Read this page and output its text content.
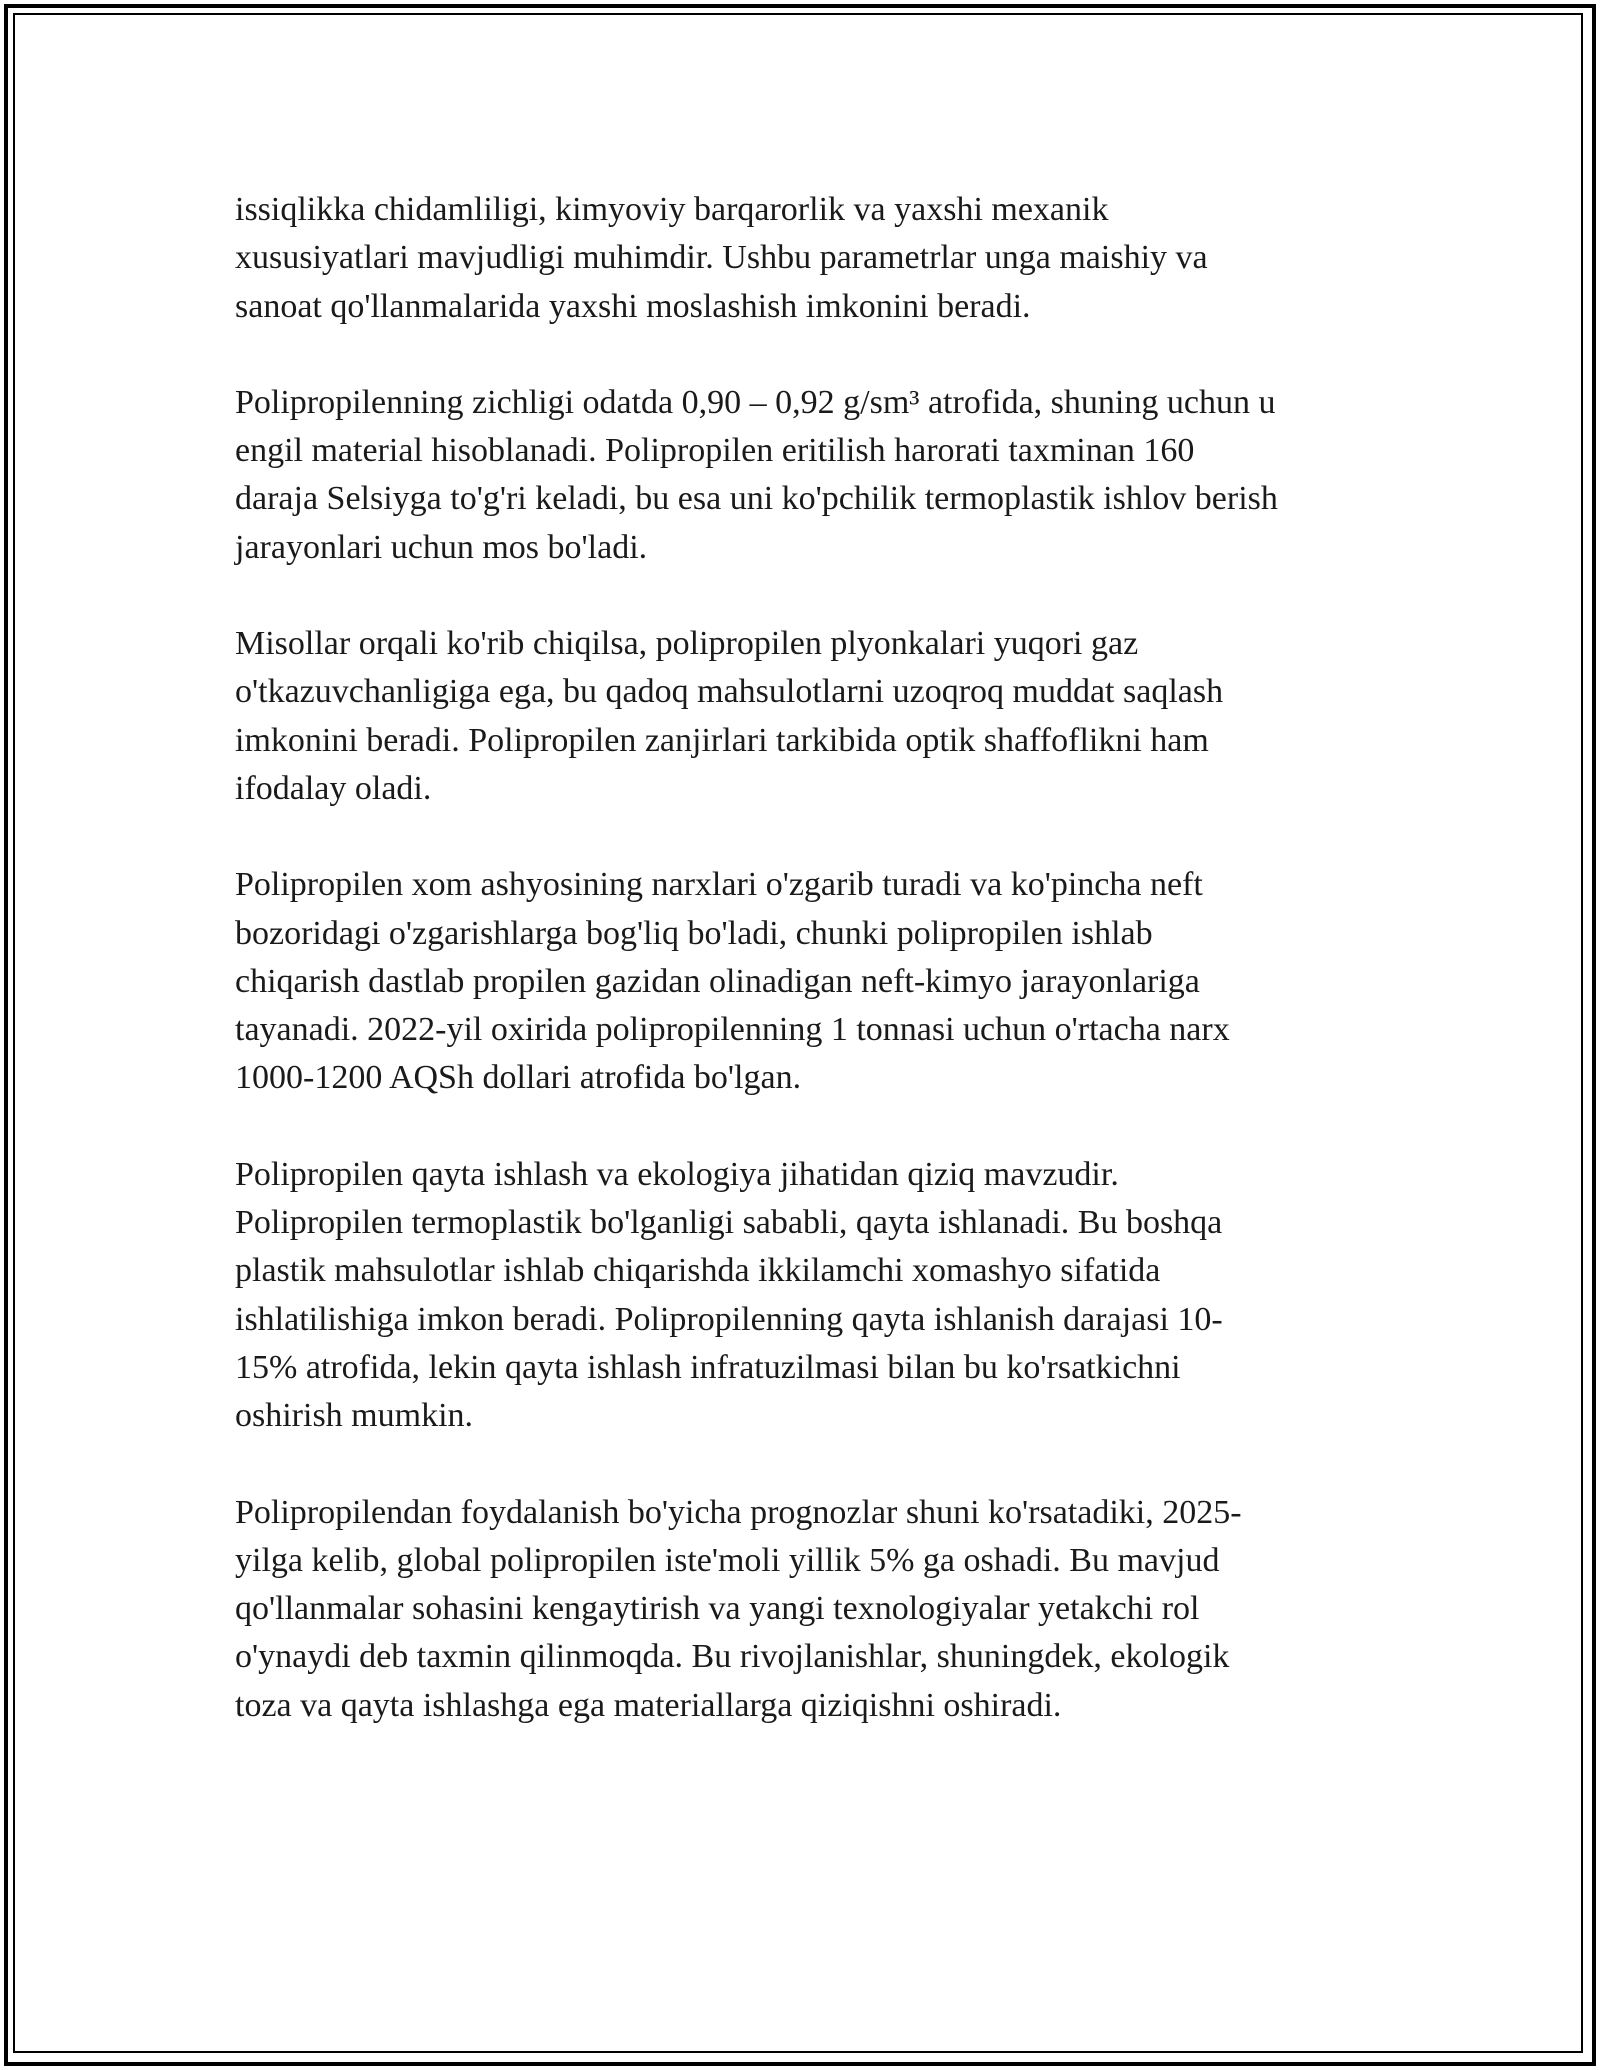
issiqlikka chidamliligi, kimyoviy barqarorlik va yaxshi mexanik
xususiyatlari mavjudligi muhimdir. Ushbu parametrlar unga maishiy va
sanoat qo'llanmalarida yaxshi moslashish imkonini beradi.

Polipropilenning zichligi odatda 0,90 – 0,92 g/sm³ atrofida, shuning uchun u
engil material hisoblanadi. Polipropilen eritilish harorati taxminan 160
daraja Selsiyga to'g'ri keladi, bu esa uni ko'pchilik termoplastik ishlov berish
jarayonlari uchun mos bo'ladi.

Misollar orqali ko'rib chiqilsa, polipropilen plyonkalari yuqori gaz
o'tkazuvchanligiga ega, bu qadoq mahsulotlarni uzoqroq muddat saqlash
imkonini beradi. Polipropilen zanjirlari tarkibida optik shaffoflikni ham
ifodalay oladi.

Polipropilen xom ashyosining narxlari o'zgarib turadi va ko'pincha neft
bozoridagi o'zgarishlarga bog'liq bo'ladi, chunki polipropilen ishlab
chiqarish dastlab propilen gazidan olinadigan neft-kimyo jarayonlariga
tayanadi. 2022-yil oxirida polipropilenning 1 tonnasi uchun o'rtacha narx
1000-1200 AQSh dollari atrofida bo'lgan.

Polipropilen qayta ishlash va ekologiya jihatidan qiziq mavzudir.
Polipropilen termoplastik bo'lganligi sababli, qayta ishlanadi. Bu boshqa
plastik mahsulotlar ishlab chiqarishda ikkilamchi xomashyo sifatida
ishlatilishiga imkon beradi. Polipropilenning qayta ishlanish darajasi 10-
15% atrofida, lekin qayta ishlash infratuzilmasi bilan bu ko'rsatkichni
oshirish mumkin.

Polipropilendan foydalanish bo'yicha prognozlar shuni ko'rsatadiki, 2025-
yilga kelib, global polipropilen iste'moli yillik 5% ga oshadi. Bu mavjud
qo'llanmalar sohasini kengaytirish va yangi texnologiyalar yetakchi rol
o'ynaydi deb taxmin qilinmoqda. Bu rivojlanishlar, shuningdek, ekologik
toza va qayta ishlashga ega materiallarga qiziqishni oshiradi.
